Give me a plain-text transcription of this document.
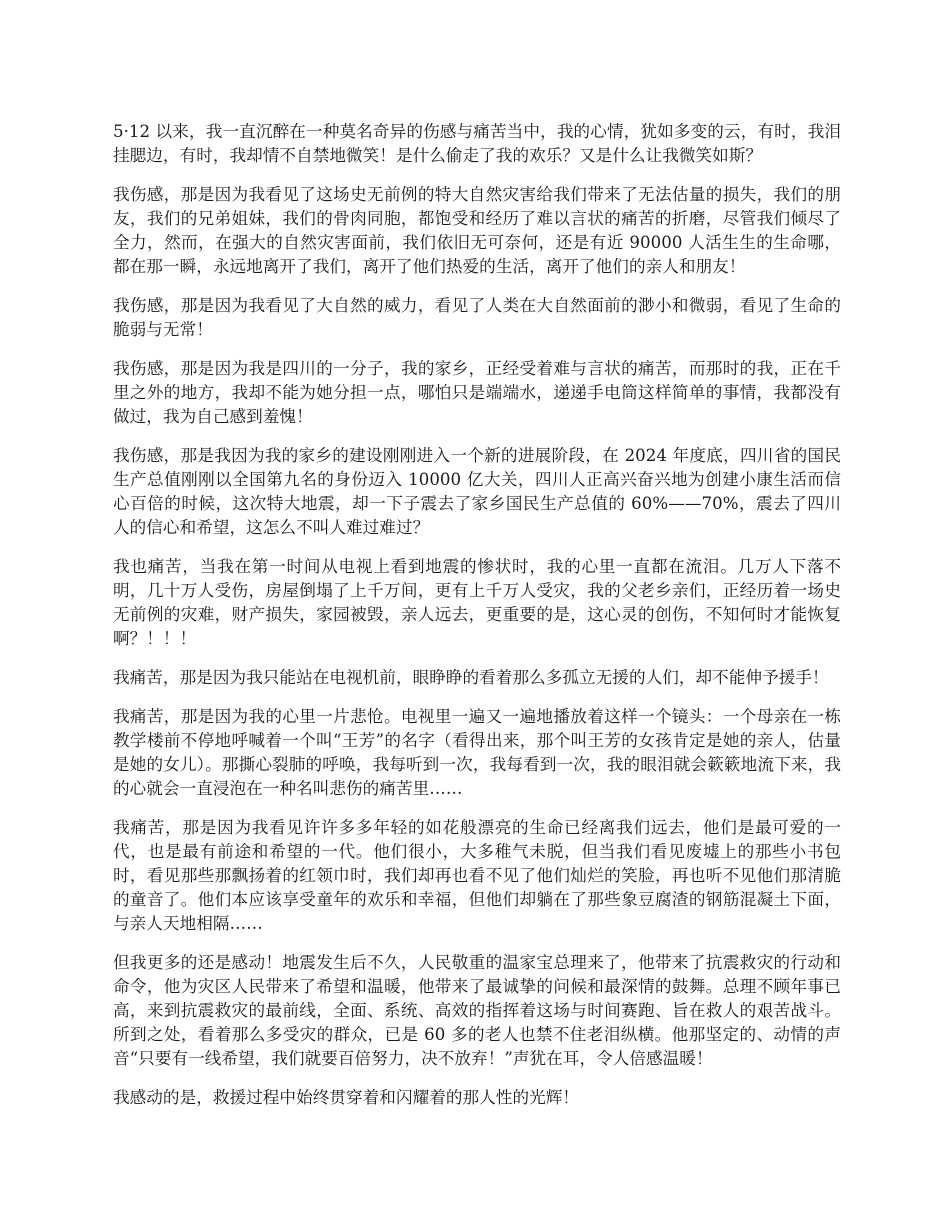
5·12 以来，我一直沉醉在一种莫名奇异的伤感与痛苦当中，我的心情，犹如多变的云，有时，我泪挂腮边，有时，我却情不自禁地微笑！是什么偷走了我的欢乐？又是什么让我微笑如斯？

我伤感，那是因为我看见了这场史无前例的特大自然灾害给我们带来了无法估量的损失，我们的朋友，我们的兄弟姐妹，我们的骨肉同胞，都饱受和经历了难以言状的痛苦的折磨，尽管我们倾尽了全力，然而，在强大的自然灾害面前，我们依旧无可奈何，还是有近 90000 人活生生的生命哪，都在那一瞬，永远地离开了我们，离开了他们热爱的生活，离开了他们的亲人和朋友！

我伤感，那是因为我看见了大自然的威力，看见了人类在大自然面前的渺小和微弱，看见了生命的脆弱与无常！

我伤感，那是因为我是四川的一分子，我的家乡，正经受着难与言状的痛苦，而那时的我，正在千里之外的地方，我却不能为她分担一点，哪怕只是端端水，递递手电筒这样简单的事情，我都没有做过，我为自己感到羞愧！

我伤感，那是我因为我的家乡的建设刚刚进入一个新的进展阶段，在 2024 年度底，四川省的国民生产总值刚刚以全国第九名的身份迈入 10000 亿大关，四川人正高兴奋兴地为创建小康生活而信心百倍的时候，这次特大地震，却一下子震去了家乡国民生产总值的 60%——70%，震去了四川人的信心和希望，这怎么不叫人难过难过？

我也痛苦，当我在第一时间从电视上看到地震的惨状时，我的心里一直都在流泪。几万人下落不明，几十万人受伤，房屋倒塌了上千万间，更有上千万人受灾，我的父老乡亲们，正经历着一场史无前例的灾难，财产损失，家园被毁，亲人远去，更重要的是，这心灵的创伤，不知何时才能恢复啊？！！！

我痛苦，那是因为我只能站在电视机前，眼睁睁的看着那么多孤立无援的人们，却不能伸予援手！

我痛苦，那是因为我的心里一片悲怆。电视里一遍又一遍地播放着这样一个镜头：一个母亲在一栋教学楼前不停地呼喊着一个叫“王芳”的名字（看得出来，那个叫王芳的女孩肯定是她的亲人，估量是她的女儿）。那撕心裂肺的呼唤，我每听到一次，我每看到一次，我的眼泪就会簌簌地流下来，我的心就会一直浸泡在一种名叫悲伤的痛苦里……

我痛苦，那是因为我看见许许多多年轻的如花般漂亮的生命已经离我们远去，他们是最可爱的一代，也是最有前途和希望的一代。他们很小，大多稚气未脱，但当我们看见废墟上的那些小书包时，看见那些那飘扬着的红领巾时，我们却再也看不见了他们灿烂的笑脸，再也听不见他们那清脆的童音了。他们本应该享受童年的欢乐和幸福，但他们却躺在了那些象豆腐渣的钢筋混凝土下面，与亲人天地相隔……

但我更多的还是感动！地震发生后不久，人民敬重的温家宝总理来了，他带来了抗震救灾的行动和命令，他为灾区人民带来了希望和温暖，他带来了最诚挚的问候和最深情的鼓舞。总理不顾年事已高，来到抗震救灾的最前线，全面、系统、高效的指挥着这场与时间赛跑、旨在救人的艰苦战斗。所到之处，看着那么多受灾的群众，已是 60 多的老人也禁不住老泪纵横。他那坚定的、动情的声音“只要有一线希望，我们就要百倍努力，决不放弃！”声犹在耳，令人倍感温暖！

我感动的是，救援过程中始终贯穿着和闪耀着的那人性的光辉！
